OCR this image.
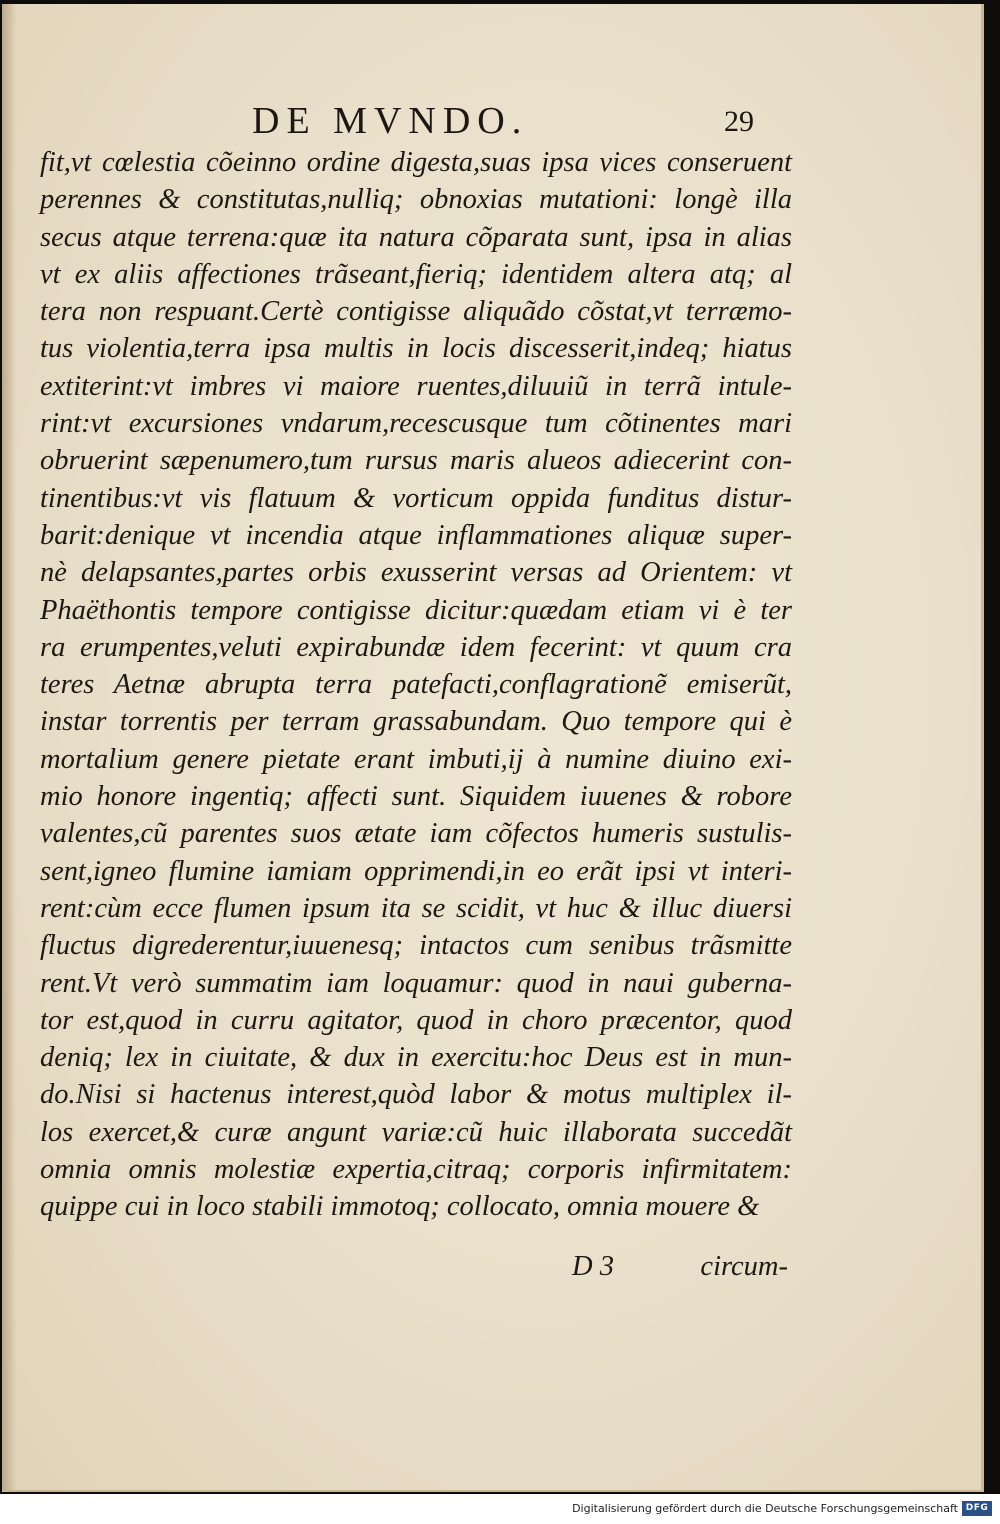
DE MVNDO.	29
fit,vt cœlestia cõeinno ordine digesta,suas ipsa vices conseruent
perennes & constitutas,nulliq; obnoxias mutationi: longè illa
secus atque terrena:quæ ita natura cõparata sunt, ipsa in alias
vt ex aliis affectiones trãseant,fieriq; identidem altera atq; al
tera non respuant.Certè contigisse aliquãdo cõstat,vt terræmo-
tus violentia,terra ipsa multis in locis discesserit,indeq; hiatus
extiterint:vt imbres vi maiore ruentes,diluuiũ in terrã intule-
rint:vt excursiones vndarum,recescusque tum cõtinentes mari
obruerint sæpenumero,tum rursus maris alueos adiecerint con-
tinentibus:vt vis flatuum & vorticum oppida funditus distur-
barit:denique vt incendia atque inflammationes aliquæ super-
nè delapsantes,partes orbis exusserint versas ad Orientem: vt
Phaëthontis tempore contigisse dicitur:quædam etiam vi è ter
ra erumpentes,veluti expirabundæ idem fecerint: vt quum cra
teres Aetnæ abrupta terra patefacti,conflagrationẽ emiserũt,
instar torrentis per terram grassabundam. Quo tempore qui è
mortalium genere pietate erant imbuti,ij à numine diuino exi-
mio honore ingentiq; affecti sunt. Siquidem iuuenes & robore
valentes,cũ parentes suos ætate iam cõfectos humeris sustulis-
sent,igneo flumine iamiam opprimendi,in eo erãt ipsi vt interi-
rent:cùm ecce flumen ipsum ita se scidit, vt huc & illuc diuersi
fluctus digrederentur,iuuenesq; intactos cum senibus trãsmitte
rent.Vt verò summatim iam loquamur: quod in naui guberna-
tor est,quod in curru agitator, quod in choro præcentor, quod
deniq; lex in ciuitate, & dux in exercitu:hoc Deus est in mun-
do.Nisi si hactenus interest,quòd labor & motus multiplex il-
los exercet,& curæ angunt variæ:cũ huic illaborata succedãt
omnia omnis molestiæ expertia,citraq; corporis infirmitatem:
quippe cui in loco stabili immotoq; collocato, omnia mouere &
D 3	circum-
Digitalisierung gefördert durch die Deutsche Forschungsgemeinschaft DFG
